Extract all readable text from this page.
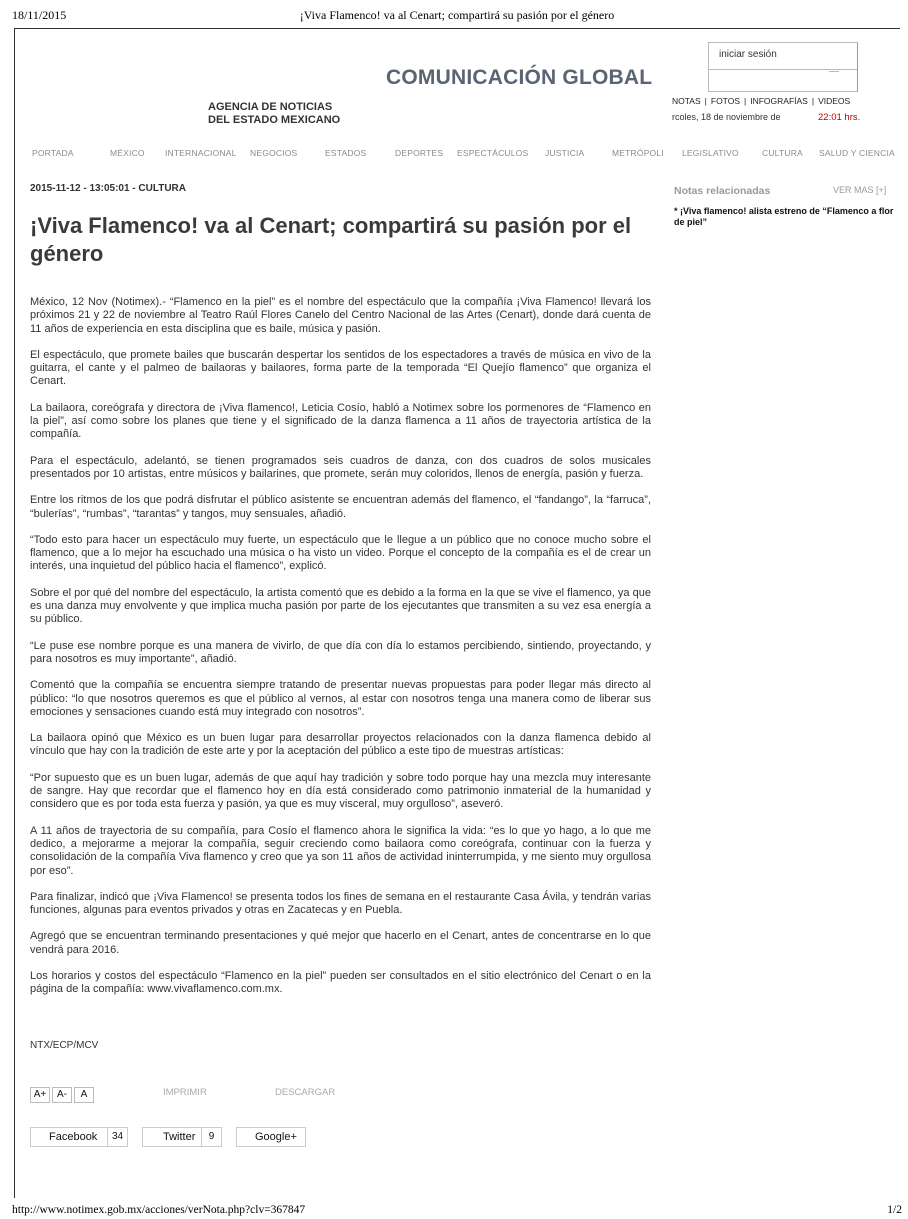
18/11/2015	¡Viva Flamenco! va al Cenart; compartirá su pasión por el género
iniciar sesión
COMUNICACIÓN GLOBAL
AGENCIA DE NOTICIAS
DEL ESTADO MEXICANO
NOTAS | FOTOS | INFOGRAFÍAS | VIDEOS
rcoles, 18 de noviembre de	22:01 hrs.
PORTADA	MÉXICO INTERNACIONAL NEGOCIOS	ESTADOS	DEPORTES ESPECTÁCULOS JUSTICIA	METRÓPOLI LEGISLATIVO	CULTURA SALUD Y CIENCIA
2015-11-12 - 13:05:01 - CULTURA
¡Viva Flamenco! va al Cenart; compartirá su pasión por el género

México, 12 Nov (Notimex).- “Flamenco en la piel” es el nombre del espectáculo que la compañía ¡Viva Flamenco! llevará los próximos 21 y 22 de noviembre al Teatro Raúl Flores Canelo del Centro Nacional de las Artes (Cenart), donde dará cuenta de 11 años de experiencia en esta disciplina que es baile, música y pasión.

El espectáculo, que promete bailes que buscarán despertar los sentidos de los espectadores a través de música en vivo de la guitarra, el cante y el palmeo de bailaoras y bailaores, forma parte de la temporada “El Quejío flamenco” que organiza el Cenart.

La bailaora, coreógrafa y directora de ¡Viva flamenco!, Leticia Cosío, habló a Notimex sobre los pormenores de “Flamenco en la piel”, así como sobre los planes que tiene y el significado de la danza flamenca a 11 años de trayectoria artística de la compañía.

Para el espectáculo, adelantó, se tienen programados seis cuadros de danza, con dos cuadros de solos musicales presentados por 10 artistas, entre músicos y bailarines, que promete, serán muy coloridos, llenos de energía, pasión y fuerza.

Entre los ritmos de los que podrá disfrutar el público asistente se encuentran además del flamenco, el “fandango”, la “farruca”, “bulerías”, “rumbas”, “tarantas” y tangos, muy sensuales, añadió.

“Todo esto para hacer un espectáculo muy fuerte, un espectáculo que le llegue a un público que no conoce mucho sobre el flamenco, que a lo mejor ha escuchado una música o ha visto un video. Porque el concepto de la compañía es el de crear un interés, una inquietud del público hacia el flamenco”, explicó.

Sobre el por qué del nombre del espectáculo, la artista comentó que es debido a la forma en la que se vive el flamenco, ya que es una danza muy envolvente y que implica mucha pasión por parte de los ejecutantes que transmiten a su vez esa energía a su público.

“Le puse ese nombre porque es una manera de vivirlo, de que día con día lo estamos percibiendo, sintiendo, proyectando, y para nosotros es muy importante”, añadió.

Comentó que la compañía se encuentra siempre tratando de presentar nuevas propuestas para poder llegar más directo al público: “lo que nosotros queremos es que el público al vernos, al estar con nosotros tenga una manera como de liberar sus emociones y sensaciones cuando está muy integrado con nosotros”.

La bailaora opinó que México es un buen lugar para desarrollar proyectos relacionados con la danza flamenca debido al vínculo que hay con la tradición de este arte y por la aceptación del público a este tipo de muestras artísticas:

“Por supuesto que es un buen lugar, además de que aquí hay tradición y sobre todo porque hay una mezcla muy interesante de sangre. Hay que recordar que el flamenco hoy en día está considerado como patrimonio inmaterial de la humanidad y considero que es por toda esta fuerza y pasión, ya que es muy visceral, muy orgulloso”, aseveró.

A 11 años de trayectoria de su compañía, para Cosío el flamenco ahora le significa la vida: “es lo que yo hago, a lo que me dedico, a mejorarme a mejorar la compañía, seguir creciendo como bailaora como coreógrafa, continuar con la fuerza y consolidación de la compañía Viva flamenco y creo que ya son 11 años de actividad ininterrumpida, y me siento muy orgullosa por eso”.

Para finalizar, indicó que ¡Viva Flamenco! se presenta todos los fines de semana en el restaurante Casa Ávila, y tendrán varias funciones, algunas para eventos privados y otras en Zacatecas y en Puebla.

Agregó que se encuentran terminando presentaciones y qué mejor que hacerlo en el Cenart, antes de concentrarse en lo que vendrá para 2016.

Los horarios y costos del espectáculo “Flamenco en la piel” pueden ser consultados en el sitio electrónico del Cenart o en la página de la compañía: www.vivaflamenco.com.mx.

NTX/ECP/MCV
A+ A- A	IMPRIMIR	DESCARGAR
Facebook	34	Twitter	9	Google+
Notas relacionadas	VER MAS [+]
* ¡Viva flamenco! alista estreno de “Flamenco a flor de piel”
http://www.notimex.gob.mx/acciones/verNota.php?clv=367847	1/2
